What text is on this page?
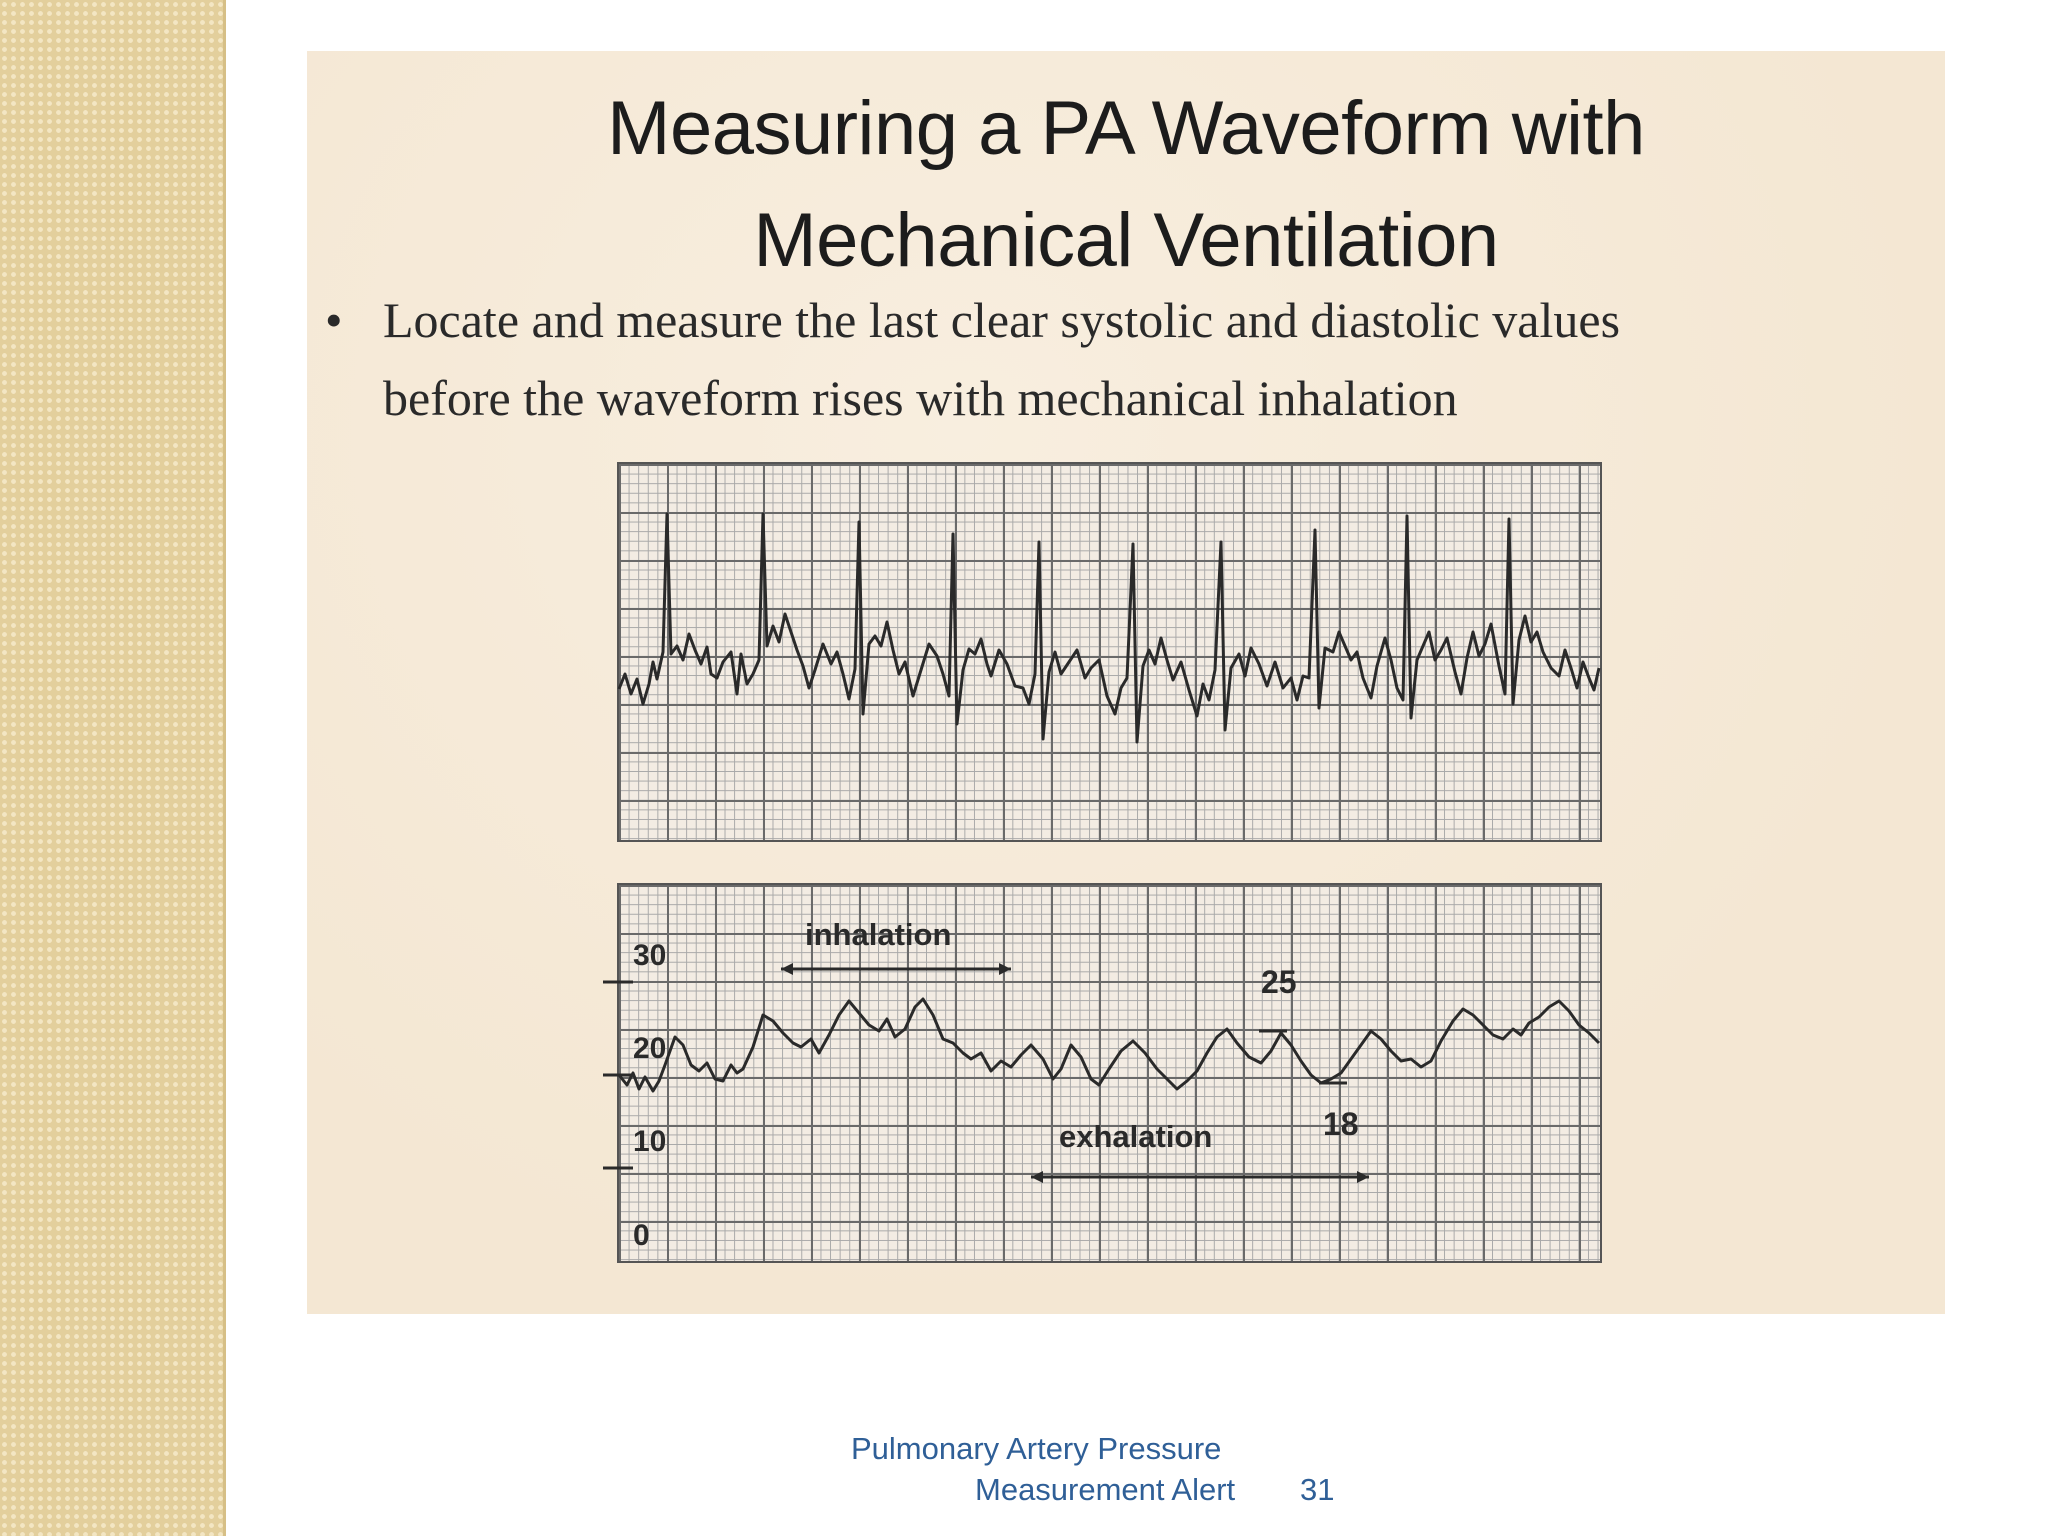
Measuring a PA Waveform with
Mechanical Ventilation
• Locate and measure the last clear systolic and diastolic values
before the waveform rises with mechanical inhalation
30
20
10
0
inhalation
exhalation
25
18
Pulmonary Artery Pressure
Measurement Alert 31
